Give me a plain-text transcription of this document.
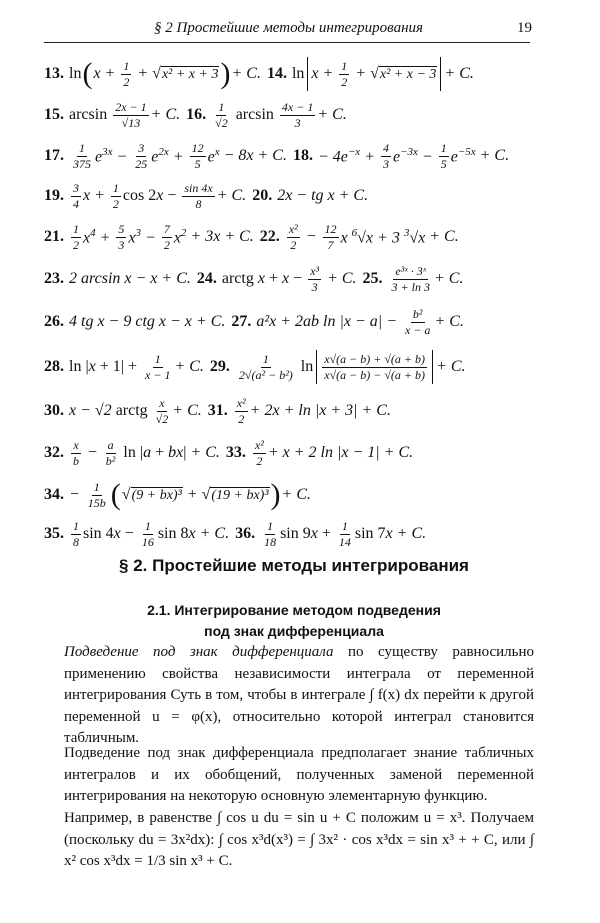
§ 2 Простейшие методы интегрирования	19
13. ln ( $x + \frac{1}{2}$ + √ x² + x + 3 ) + C. 14. $\ln x + \frac{1}{2}$ + √ x² + x − 3 + C.
15. $\arcsin \frac{2x - 1}{√13} + C$. 16. $\frac{1}{√2}$ $\arcsin \frac{4x - 1}{3} + C$.
17. $\frac{1}{375} e^{3x} - \frac{3}{25} e^{2x} + \frac{12}{5} e^x - 8x + C$. 18. − $4e^{-x} + \frac{4}{3} e^{-3x} - \frac{1}{5} e^{-5x} + C$.
19. $\frac{3}{4}$ $x + \frac{1}{2}$ $\cos 2x - \frac{\sin 4x}{8} + C$. 20. 2x − tg x + C.
21. $\frac{1}{2} x^4 + \frac{5}{3} x^3 - \frac{7}{2} x^2 + 3x + C$. 22. $\frac{\text{x²}}{2} - \frac{12}{7}$ x $^6$√x + 3 $^3$√x + C.
23. 2 arcsin x − x + C. 24. arctg $x + x - \frac{\text{x³}}{3} + C$. 25. $\frac{\text{e³ˣ · 3ˣ}}{3 + \ln 3} + C$.
26. 4 tg x − 9 ctg x − x + C. 27. a²x + 2ab $\ln |x - a| - \frac{\text{b²}}{x - a} + C$.
28. $\ln |x + 1| + \frac{1}{x - 1} + C$. 29. $\frac{1}{\text{2√(a² − b²)}}$ $\ln \frac{x√(a - b) + √(a + b)}{x√(a - b) - √(a + b)} + C$.
30. x − √2 arctg $\frac{x}{√2} + C$. 31. $\frac{\text{x²}}{2} + 2x + \ln |x + 3| + C$.
32. $\frac{x}{b} - \frac{a}{\text{b²}}$ ln |a + bx| + C. 33. $\frac{\text{x²}}{2} + x + 2$ ln |x − 1| + C.
34. − $\frac{1}{15b}$ ( √ (9 + bx)³ + √ (19 + bx)³ ) + C.
35. $\frac{1}{8}$ $\sin 4x - \frac{1}{16}$ sin 8x + C. 36. $\frac{1}{18}$ $\sin 9x + \frac{1}{14}$ sin 7x + C.
§ 2. Простейшие методы интегрирования
2.1. Интегрирование методом подведения
под знак дифференциала
Подведение под знак дифференциала по существу равносильно применению свойства независимости интеграла от переменной интегрирования Суть в том, чтобы в интеграле ∫ f(x) dx перейти к другой переменной u = φ(x), относительно которой интеграл становится табличным.
Подведение под знак дифференциала предполагает знание табличных интегралов и их обобщений, полученных заменой переменной интегрирования на некоторую основную элементарную функцию.
Например, в равенстве ∫ cos u du = sin u + C положим u = x³. Получаем (поскольку du = 3x²dx): ∫ cos x³d(x³) = ∫ 3x² · cos x³dx = sin x³ + + C, или ∫ x² cos x³dx = 1/3 sin x³ + C.
